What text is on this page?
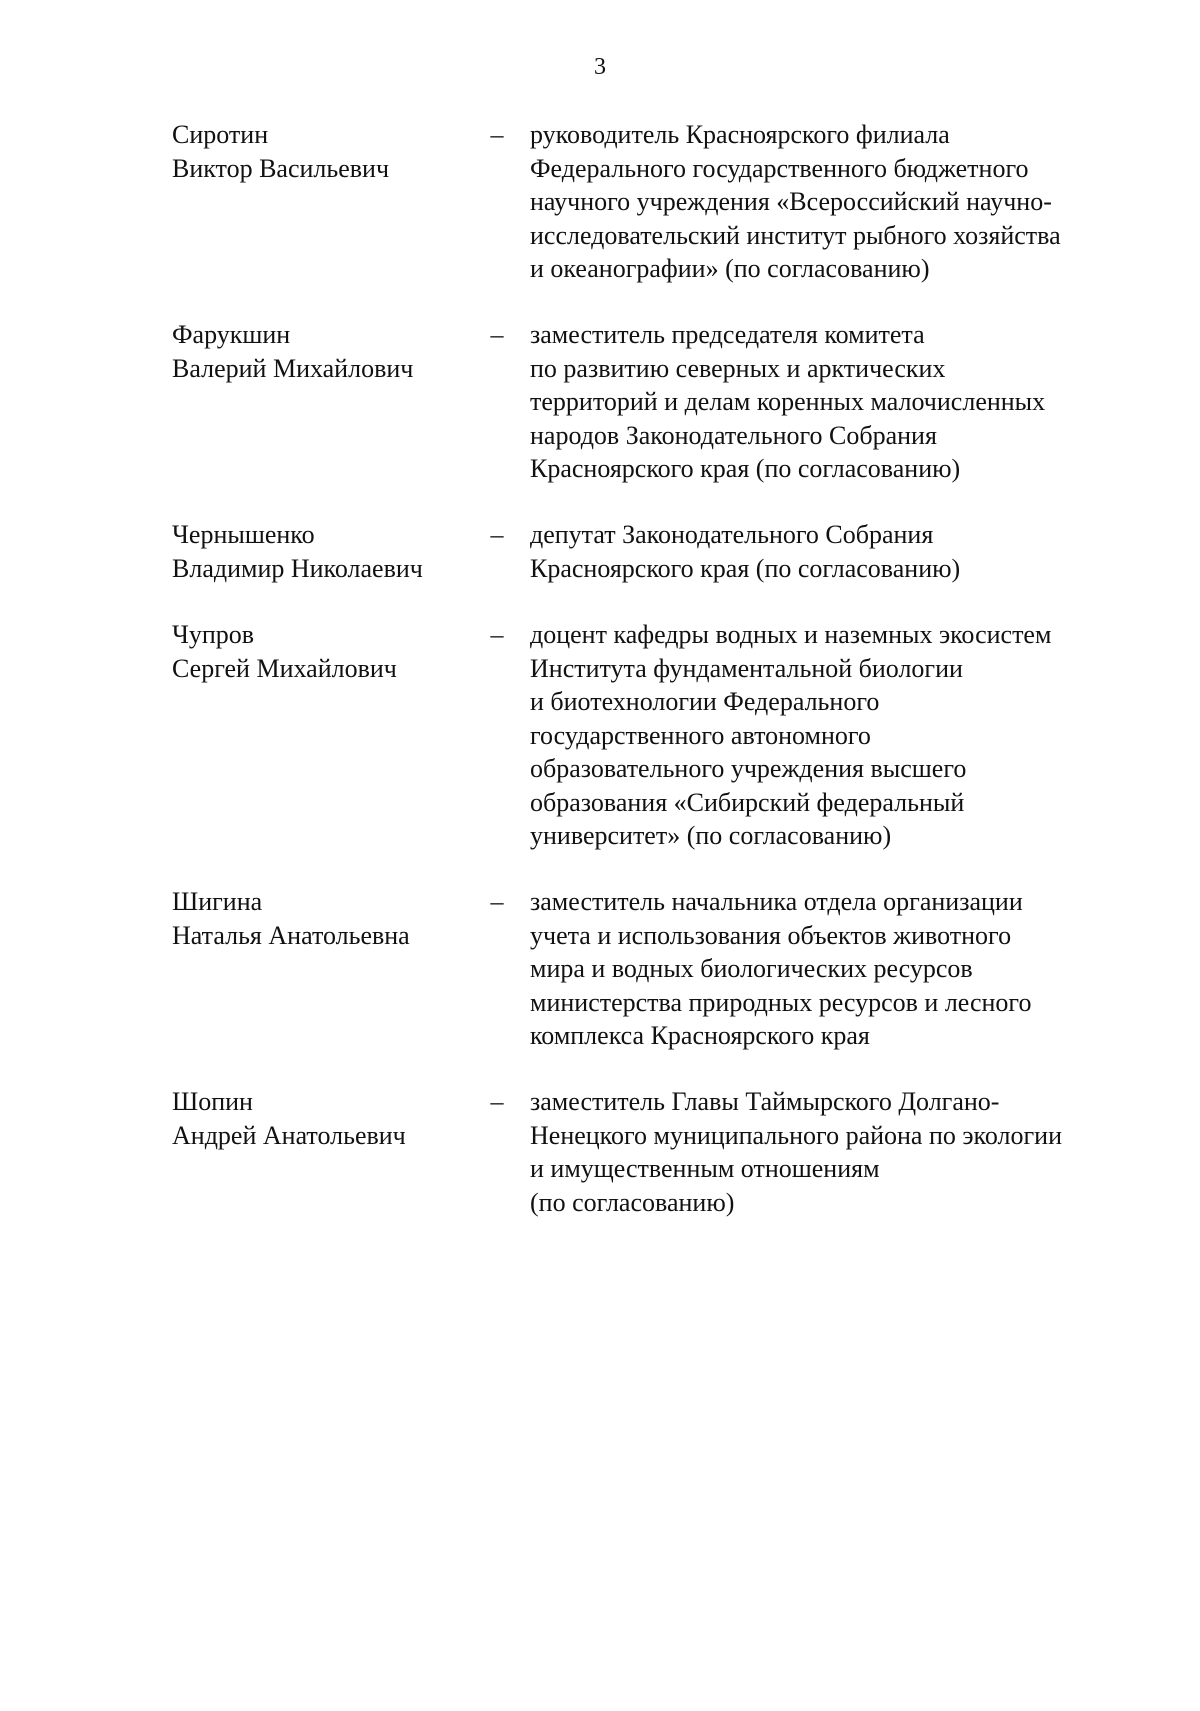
3
Сиротин
Виктор Васильевич
– руководитель Красноярского филиала
Федерального государственного бюджетного
научного учреждения «Всероссийский научно-
исследовательский институт рыбного хозяйства
и океанографии» (по согласованию)
Фарукшин
Валерий Михайлович
– заместитель председателя комитета
по развитию северных и арктических
территорий и делам коренных малочисленных
народов Законодательного Собрания
Красноярского края (по согласованию)
Чернышенко
Владимир Николаевич
– депутат Законодательного Собрания
Красноярского края (по согласованию)
Чупров
Сергей Михайлович
– доцент кафедры водных и наземных экосистем
Института фундаментальной биологии
и биотехнологии Федерального
государственного автономного
образовательного учреждения высшего
образования «Сибирский федеральный
университет» (по согласованию)
Шигина
Наталья Анатольевна
– заместитель начальника отдела организации
учета и использования объектов животного
мира и водных биологических ресурсов
министерства природных ресурсов и лесного
комплекса Красноярского края
Шопин
Андрей Анатольевич
– заместитель Главы Таймырского Долгано-
Ненецкого муниципального района по экологии
и имущественным отношениям
(по согласованию)
